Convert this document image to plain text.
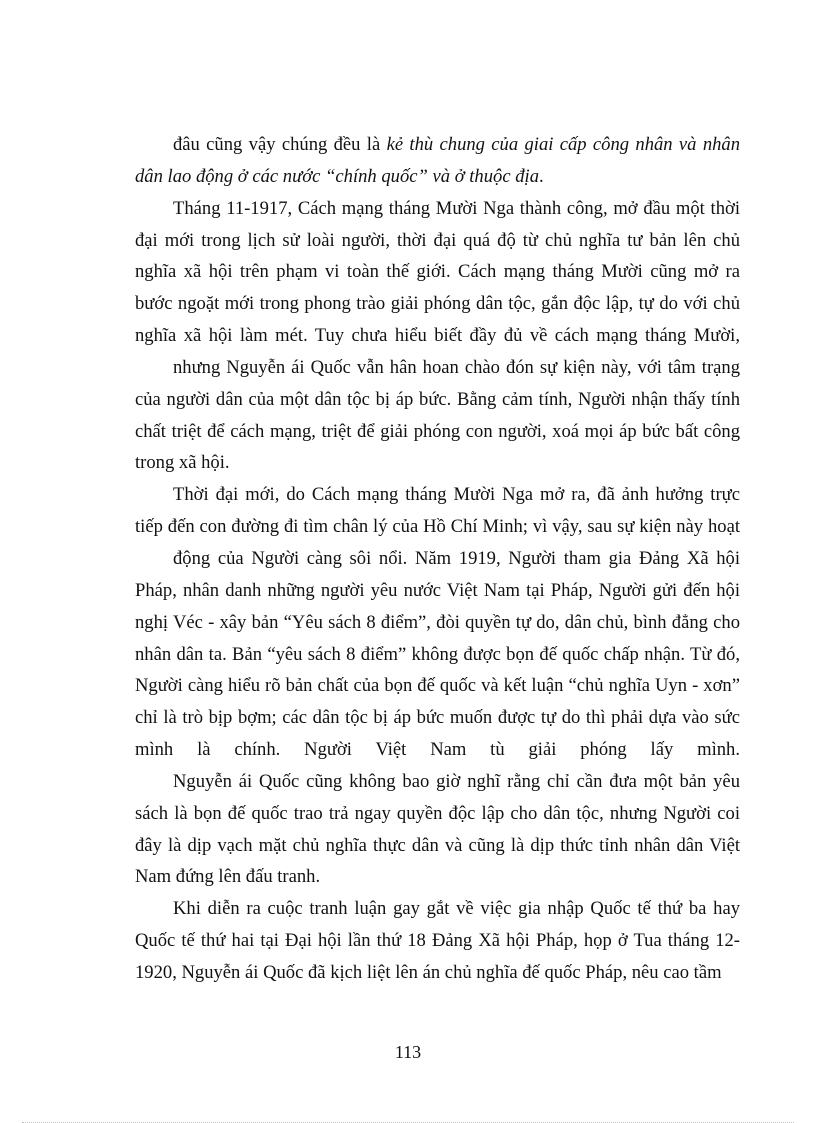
đâu cũng vậy chúng đều là kẻ thù chung của giai cấp công nhân và nhân
dân lao động ở các nước “chính quốc” và ở thuộc địa.
Tháng 11-1917, Cách mạng tháng Mười Nga thành công, mở đầu một thời
đại mới trong lịch sử loài người, thời đại quá độ từ chủ nghĩa tư bản lên chủ
nghĩa xã hội trên phạm vi toàn thế giới. Cách mạng tháng Mười cũng mở ra
bước ngoặt mới trong phong trào giải phóng dân tộc, gắn độc lập, tự do với chủ
nghĩa xã hội làm mét. Tuy chưa hiểu biết đầy đủ về cách mạng tháng Mười,
nhưng Nguyễn ái Quốc vẫn hân hoan chào đón sự kiện này, với tâm trạng
của người dân của một dân tộc bị áp bức. Bằng cảm tính, Người nhận thấy tính
chất triệt để cách mạng, triệt để giải phóng con người, xoá mọi áp bức bất công
trong xã hội.
Thời đại mới, do Cách mạng tháng Mười Nga mở ra, đã ảnh hưởng trực
tiếp đến con đường đi tìm chân lý của Hồ Chí Minh; vì vậy, sau sự kiện này hoạt
động của Người càng sôi nổi. Năm 1919, Người tham gia Đảng Xã hội
Pháp, nhân danh những người yêu nước Việt Nam tại Pháp, Người gửi đến hội
nghị Véc - xây bản “Yêu sách 8 điểm”, đòi quyền tự do, dân chủ, bình đẳng cho
nhân dân ta. Bản “yêu sách 8 điểm” không được bọn đế quốc chấp nhận. Từ đó,
Người càng hiểu rõ bản chất của bọn đế quốc và kết luận “chủ nghĩa Uyn - xơn”
chỉ là trò bịp bợm; các dân tộc bị áp bức muốn được tự do thì phải dựa vào sức
mình là chính. Người Việt Nam tù giải phóng lấy mình.
Nguyễn ái Quốc cũng không bao giờ nghĩ rằng chỉ cần đưa một bản yêu
sách là bọn đế quốc trao trả ngay quyền độc lập cho dân tộc, nhưng Người coi
đây là dịp vạch mặt chủ nghĩa thực dân và cũng là dịp thức tỉnh nhân dân Việt
Nam đứng lên đấu tranh.
Khi diễn ra cuộc tranh luận gay gắt về việc gia nhập Quốc tế thứ ba hay
Quốc tế thứ hai tại Đại hội lần thứ 18 Đảng Xã hội Pháp, họp ở Tua tháng 12-
1920, Nguyễn ái Quốc đã kịch liệt lên án chủ nghĩa đế quốc Pháp, nêu cao tầm
113
